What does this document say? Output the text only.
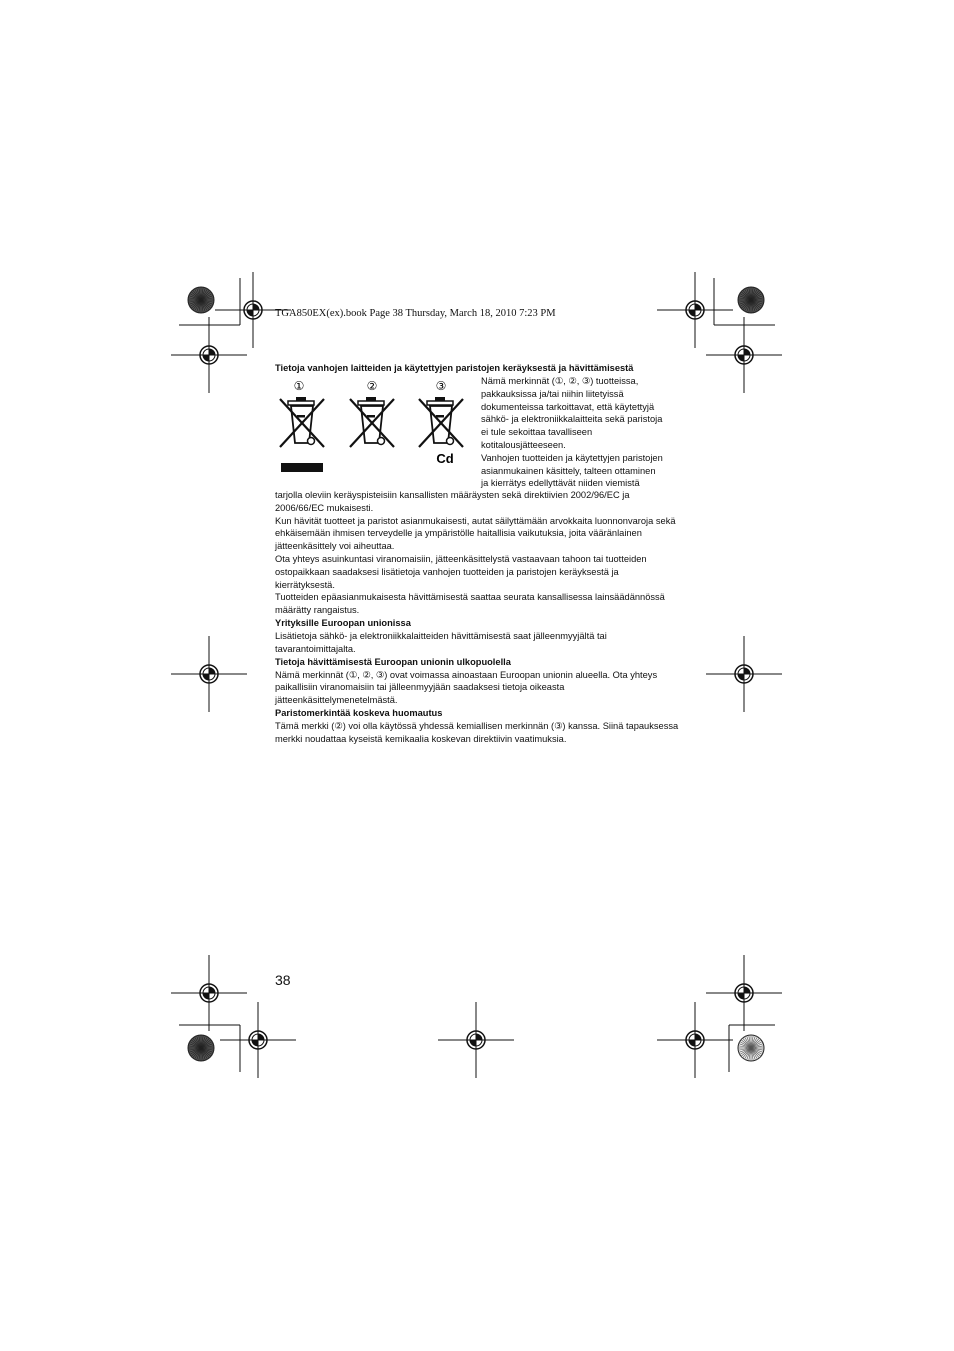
TGA850EX(ex).book Page 38 Thursday, March 18, 2010 7:23 PM
Tietoja vanhojen laitteiden ja käytettyjen paristojen keräyksestä ja hävittämisestä
①	②	③
Cd
Nämä merkinnät (①, ②, ③) tuotteissa,
pakkauksissa ja/tai niihin liitetyissä
dokumenteissa tarkoittavat, että käytettyjä
sähkö- ja elektroniikkalaitteita sekä paristoja
ei tule sekoittaa tavalliseen
kotitalousjätteeseen.
Vanhojen tuotteiden ja käytettyjen paristojen
asianmukainen käsittely, talteen ottaminen
ja kierrätys edellyttävät niiden viemistä

tarjolla oleviin keräyspisteisiin kansallisten määräysten sekä direktiivien 2002/96/EC ja 2006/66/EC mukaisesti.

Kun hävität tuotteet ja paristot asianmukaisesti, autat säilyttämään arvokkaita luonnonvaroja sekä ehkäisemään ihmisen terveydelle ja ympäristölle haitallisia vaikutuksia, joita vääränlainen jätteenkäsittely voi aiheuttaa.

Ota yhteys asuinkuntasi viranomaisiin, jätteenkäsittelystä vastaavaan tahoon tai tuotteiden ostopaikkaan saadaksesi lisätietoja vanhojen tuotteiden ja paristojen keräyksestä ja kierrätyksestä.

Tuotteiden epäasianmukaisesta hävittämisestä saattaa seurata kansallisessa lainsäädännössä määrätty rangaistus.

Yrityksille Euroopan unionissa

Lisätietoja sähkö- ja elektroniikkalaitteiden hävittämisestä saat jälleenmyyjältä tai tavarantoimittajalta.

Tietoja hävittämisestä Euroopan unionin ulkopuolella

Nämä merkinnät (①, ②, ③) ovat voimassa ainoastaan Euroopan unionin alueella. Ota yhteys paikallisiin viranomaisiin tai jälleenmyyjään saadaksesi tietoja oikeasta jätteenkäsittelymenetelmästä.

Paristomerkintää koskeva huomautus

Tämä merkki (②) voi olla käytössä yhdessä kemiallisen merkinnän (③) kanssa. Siinä tapauksessa merkki noudattaa kyseistä kemikaalia koskevan direktiivin vaatimuksia.

38
